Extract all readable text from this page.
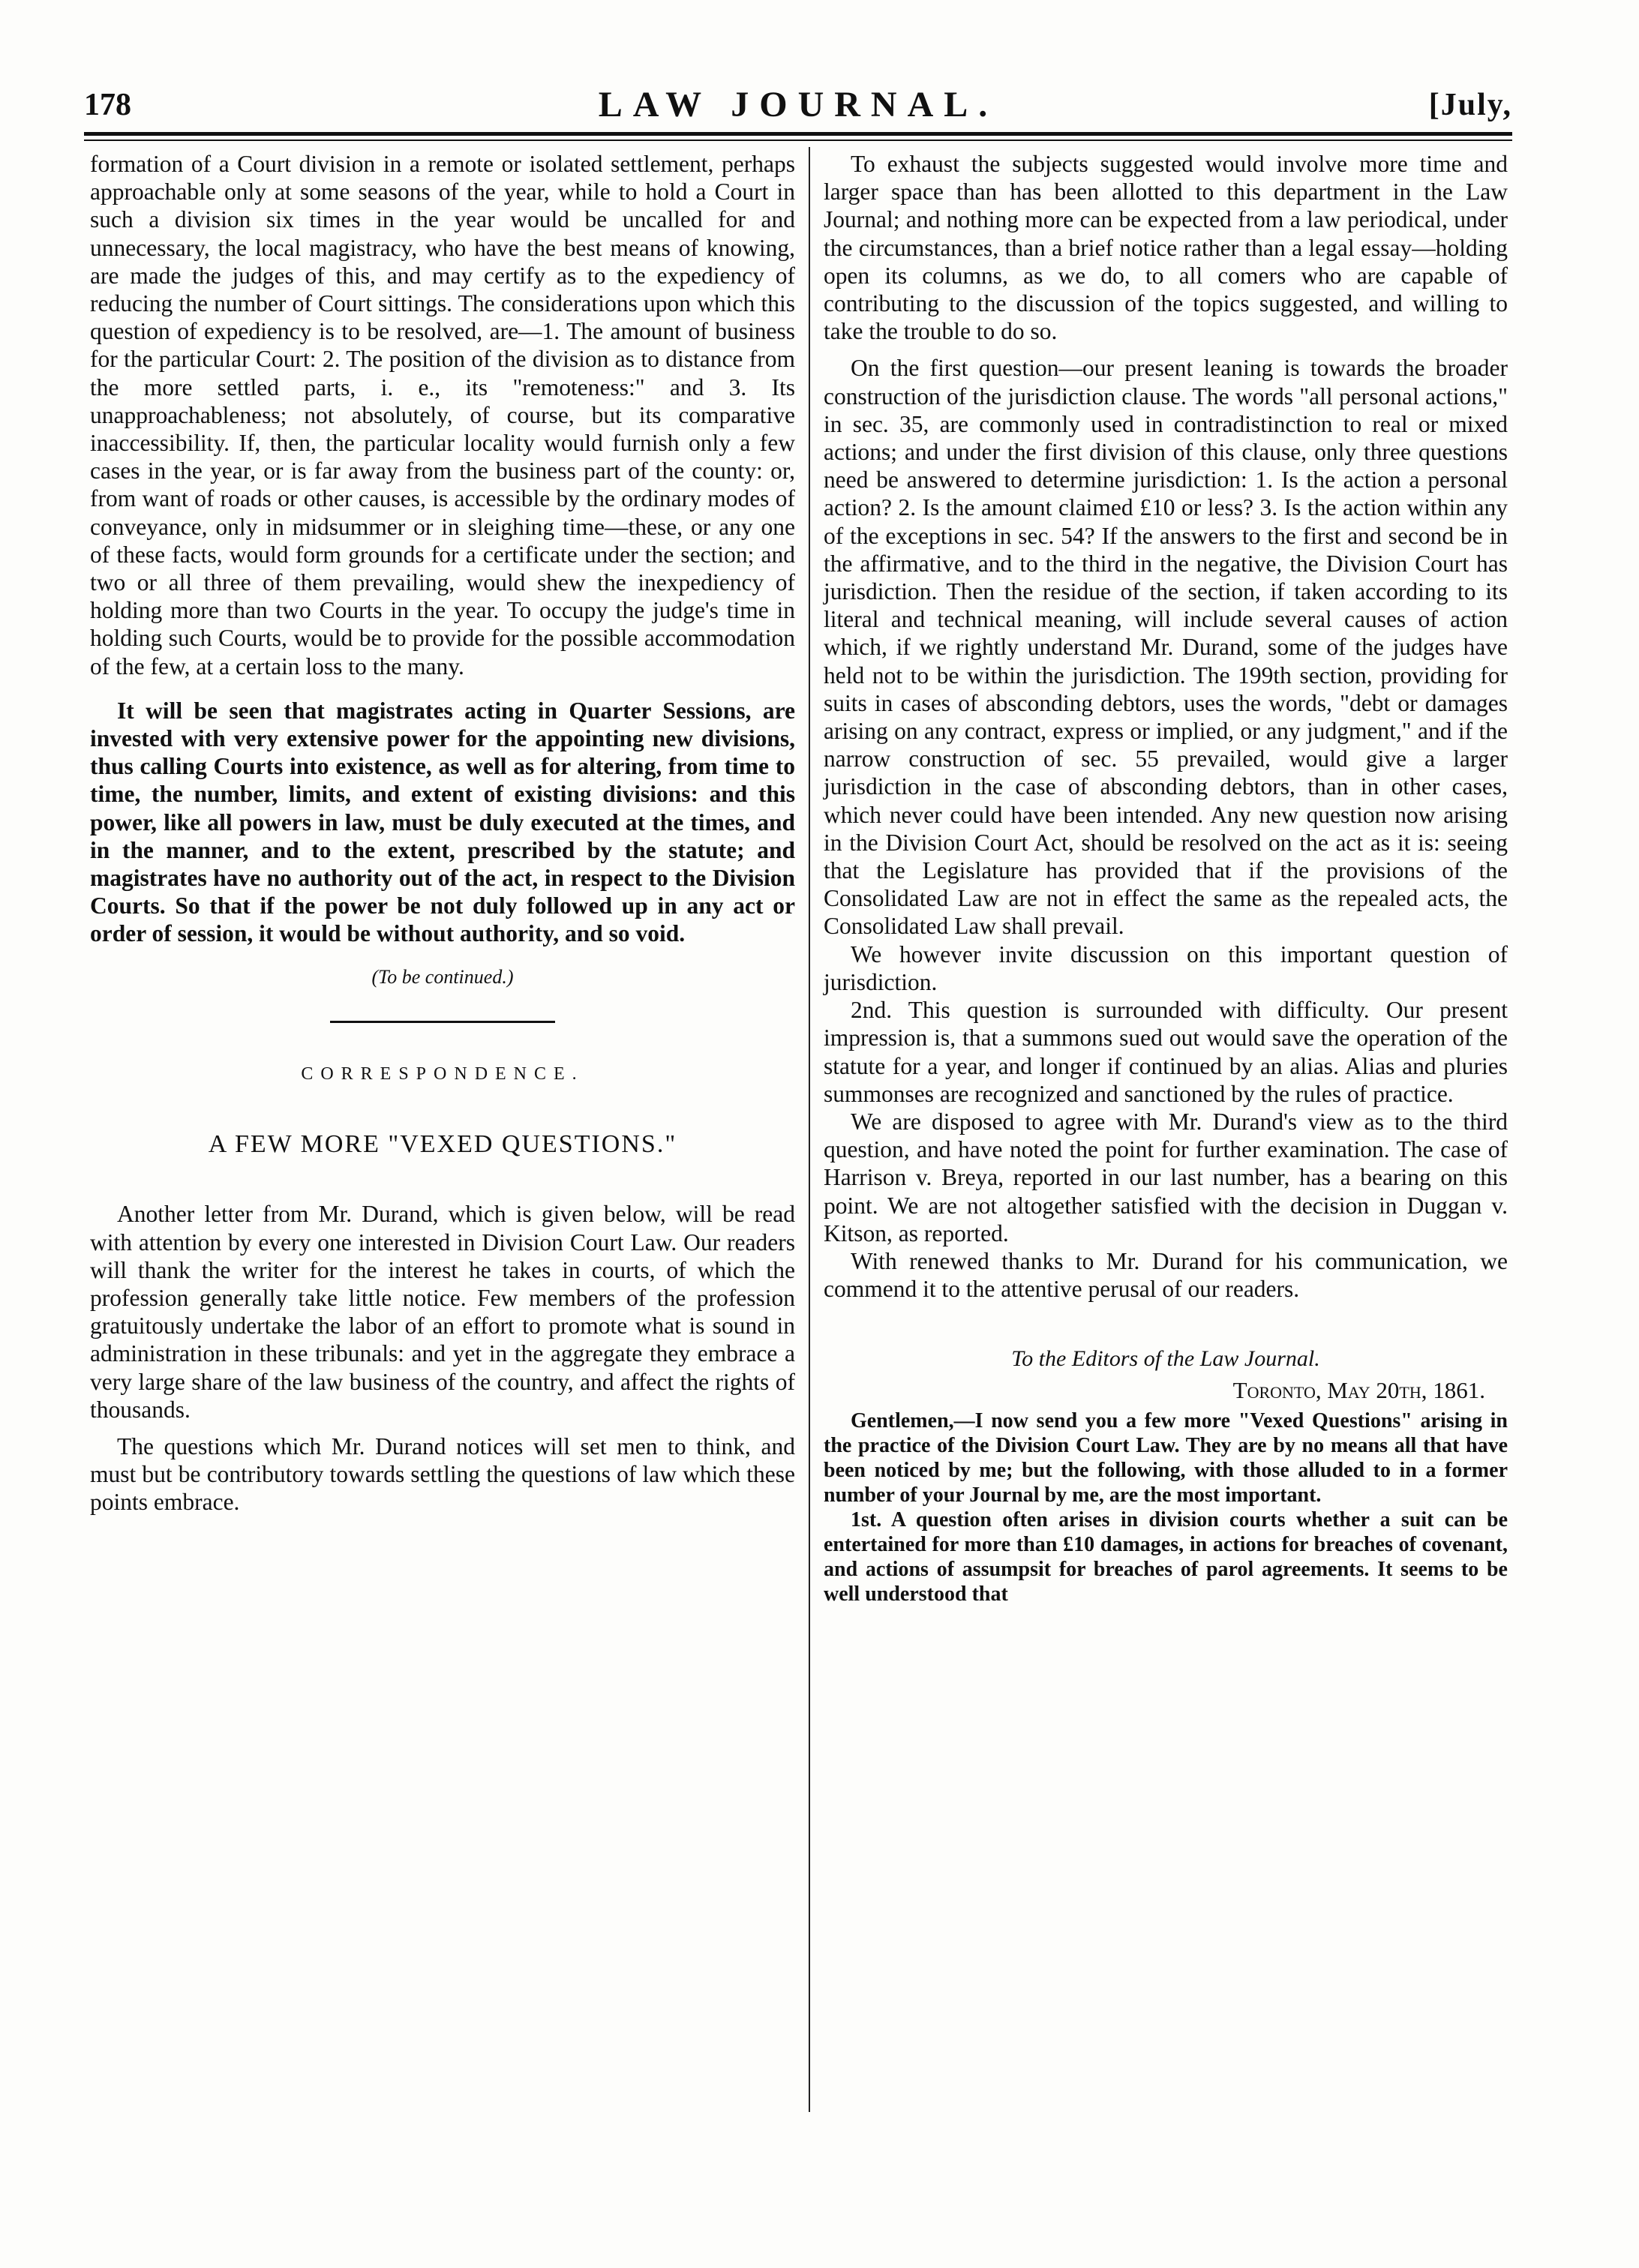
178	LAW JOURNAL.	[July,

formation of a Court division in a remote or isolated settlement, perhaps approachable only at some seasons of the year, while to hold a Court in such a division six times in the year would be uncalled for and unnecessary, the local magistracy, who have the best means of knowing, are made the judges of this, and may certify as to the expediency of reducing the number of Court sittings. The considerations upon which this question of expediency is to be resolved, are—1. The amount of business for the particular Court: 2. The position of the division as to distance from the more settled parts, i. e., its "remoteness:" and 3. Its unapproachableness; not absolutely, of course, but its comparative inaccessibility. If, then, the particular locality would furnish only a few cases in the year, or is far away from the business part of the county: or, from want of roads or other causes, is accessible by the ordinary modes of conveyance, only in midsummer or in sleighing time—these, or any one of these facts, would form grounds for a certificate under the section; and two or all three of them prevailing, would shew the inexpediency of holding more than two Courts in the year. To occupy the judge's time in holding such Courts, would be to provide for the possible accommodation of the few, at a certain loss to the many.

It will be seen that magistrates acting in Quarter Sessions, are invested with very extensive power for the appointing new divisions, thus calling Courts into existence, as well as for altering, from time to time, the number, limits, and extent of existing divisions: and this power, like all powers in law, must be duly executed at the times, and in the manner, and to the extent, prescribed by the statute; and magistrates have no authority out of the act, in respect to the Division Courts. So that if the power be not duly followed up in any act or order of session, it would be without authority, and so void.

(To be continued.)
CORRESPONDENCE.
A FEW MORE "VEXED QUESTIONS."

Another letter from Mr. Durand, which is given below, will be read with attention by every one interested in Division Court Law. Our readers will thank the writer for the interest he takes in courts, of which the profession generally take little notice. Few members of the profession gratuitously undertake the labor of an effort to promote what is sound in administration in these tribunals: and yet in the aggregate they embrace a very large share of the law business of the country, and affect the rights of thousands.

The questions which Mr. Durand notices will set men to think, and must but be contributory towards settling the questions of law which these points embrace.

To exhaust the subjects suggested would involve more time and larger space than has been allotted to this department in the Law Journal; and nothing more can be expected from a law periodical, under the circumstances, than a brief notice rather than a legal essay—holding open its columns, as we do, to all comers who are capable of contributing to the discussion of the topics suggested, and willing to take the trouble to do so.

On the first question—our present leaning is towards the broader construction of the jurisdiction clause. The words "all personal actions," in sec. 35, are commonly used in contradistinction to real or mixed actions; and under the first division of this clause, only three questions need be answered to determine jurisdiction: 1. Is the action a personal action? 2. Is the amount claimed £10 or less? 3. Is the action within any of the exceptions in sec. 54? If the answers to the first and second be in the affirmative, and to the third in the negative, the Division Court has jurisdiction. Then the residue of the section, if taken according to its literal and technical meaning, will include several causes of action which, if we rightly understand Mr. Durand, some of the judges have held not to be within the jurisdiction. The 199th section, providing for suits in cases of absconding debtors, uses the words, "debt or damages arising on any contract, express or implied, or any judgment," and if the narrow construction of sec. 55 prevailed, would give a larger jurisdiction in the case of absconding debtors, than in other cases, which never could have been intended. Any new question now arising in the Division Court Act, should be resolved on the act as it is: seeing that the Legislature has provided that if the provisions of the Consolidated Law are not in effect the same as the repealed acts, the Consolidated Law shall prevail.

We however invite discussion on this important question of jurisdiction.

2nd. This question is surrounded with difficulty. Our present impression is, that a summons sued out would save the operation of the statute for a year, and longer if continued by an alias. Alias and pluries summonses are recognized and sanctioned by the rules of practice.

We are disposed to agree with Mr. Durand's view as to the third question, and have noted the point for further examination. The case of Harrison v. Breya, reported in our last number, has a bearing on this point. We are not altogether satisfied with the decision in Duggan v. Kitson, as reported.

With renewed thanks to Mr. Durand for his communication, we commend it to the attentive perusal of our readers.

To the Editors of the Law Journal.
Toronto, May 20th, 1861.

Gentlemen,—I now send you a few more "Vexed Questions" arising in the practice of the Division Court Law. They are by no means all that have been noticed by me; but the following, with those alluded to in a former number of your Journal by me, are the most important.

1st. A question often arises in division courts whether a suit can be entertained for more than £10 damages, in actions for breaches of covenant, and actions of assumpsit for breaches of parol agreements. It seems to be well understood that
